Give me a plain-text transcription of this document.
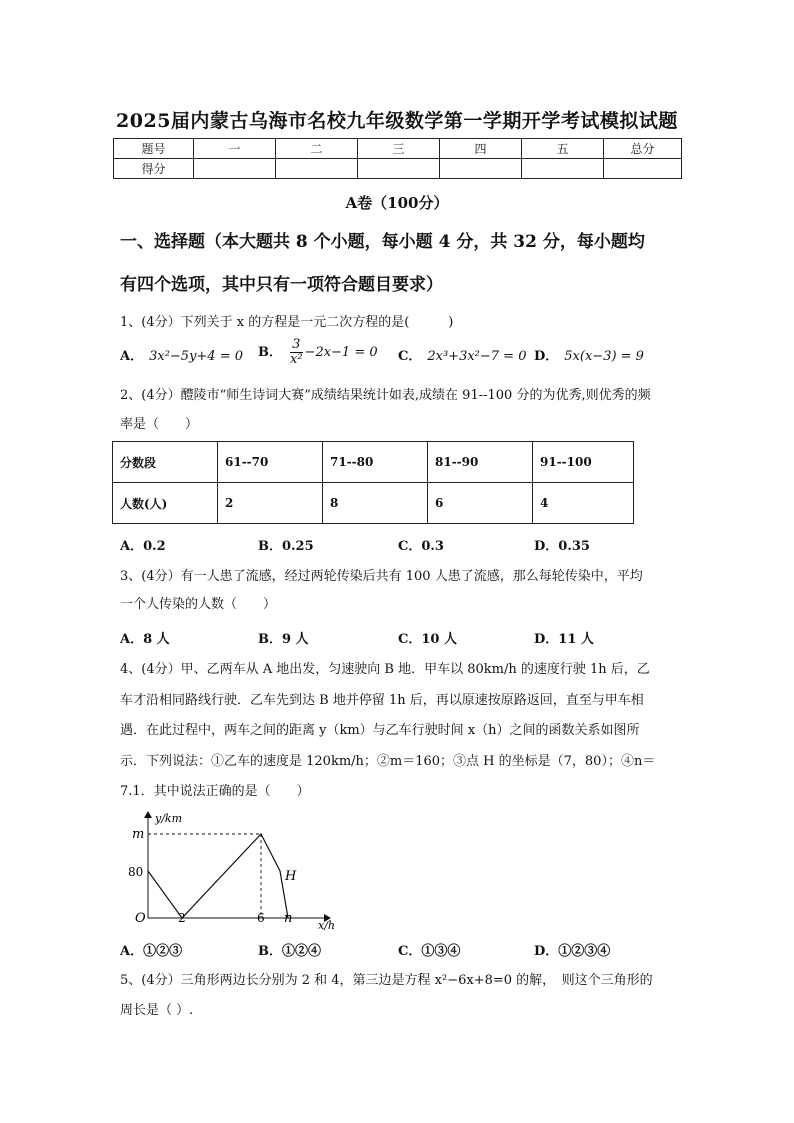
2025届内蒙古乌海市名校九年级数学第一学期开学考试模拟试题
题号	一	二	三	四	五	总分
得分						
A卷（100分）
一、选择题（本大题共 8 个小题，每小题 4 分，共 32 分，每小题均
有四个选项，其中只有一项符合题目要求）
1、(4分）下列关于 x 的方程是一元二次方程的是(　　　)
A． 3x²−5y+4 = 0 B． $\frac{3}{\text{x²}} -2x-1 = 0$ C． 2x³+3x²−7 = 0 D． 5x(x−3) = 9
2、(4分）醴陵市“师生诗词大赛”成绩结果统计如表,成绩在 91--100 分的为优秀,则优秀的频
率是（　　）
分数段	61--70	71--80	81--90	91--100
人数(人)	2	8	6	4
A．0.2	B．0.25	C．0.3	D．0.35
3、(4分）有一人患了流感，经过两轮传染后共有 100 人患了流感，那么每轮传染中，平均
一个人传染的人数（　　）
A．8 人	B．9 人	C．10 人	D．11 人
4、(4分）甲、乙两车从 A 地出发，匀速驶向 B 地．甲车以 80km/h 的速度行驶 1h 后，乙
车才沿相同路线行驶．乙车先到达 B 地并停留 1h 后，再以原速按原路返回，直至与甲车相
遇．在此过程中，两车之间的距离 y（km）与乙车行驶时间 x（h）之间的函数关系如图所
示．下列说法：①乙车的速度是 120km/h；②m＝160；③点 H 的坐标是（7，80）；④n＝
7.1．其中说法正确的是（　　）
y/km
x/h
m
80
O	2	6 n
H
A．①②③	B．①②④	C．①③④	D．①②③④
5、(4分）三角形两边长分别为 2 和 4，第三边是方程 x²−6x+8=0 的解，　则这个三角形的
周长是（ ）.
